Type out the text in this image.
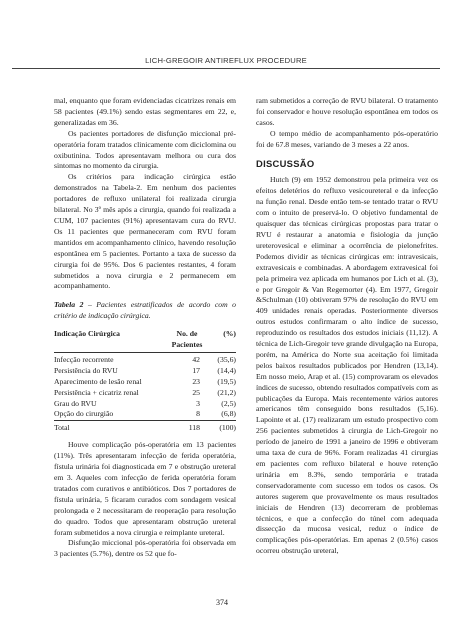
LICH-GREGOIR ANTIREFLUX PROCEDURE

mal, enquanto que foram evidenciadas cicatrizes renais em 58 pacientes (49.1%) sendo estas segmentares em 22, e, generalizadas em 36.

Os pacientes portadores de disfunção miccional pré-operatória foram tratados clinicamente com diciclomina ou oxibutinina. Todos apresentavam melhora ou cura dos sintomas no momento da cirurgia.

Os critérios para indicação cirúrgica estão demonstrados na Tabela-2. Em nenhum dos pacientes portadores de refluxo unilateral foi realizada cirurgia bilateral. No 3º mês após a cirurgia, quando foi realizada a CUM, 107 pacientes (91%) apresentavam cura do RVU. Os 11 pacientes que permaneceram com RVU foram mantidos em acompanhamento clínico, havendo resolução espontânea em 5 pacientes. Portanto a taxa de sucesso da cirurgia foi de 95%. Dos 6 pacientes restantes, 4 foram submetidos a nova cirurgia e 2 permanecem em acompanhamento.

Tabela 2 – Pacientes estratificados de acordo com o critério de indicação cirúrgica.

Indicação Cirúrgica	No. de Pacientes	(%)
Infecção recorrente	42	(35,6)
Persistência do RVU	17	(14,4)
Aparecimento de lesão renal	23	(19,5)
Persistência + cicatriz renal	25	(21,2)
Grau do RVU	3	(2,5)
Opção do cirurgião	8	(6,8)
Total	118	(100)

Houve complicação pós-operatória em 13 pacientes (11%). Três apresentaram infecção de ferida operatória, fístula urinária foi diagnosticada em 7 e obstrução ureteral em 3. Aqueles com infecção de ferida operatória foram tratados com curativos e antibióticos. Dos 7 portadores de fístula urinária, 5 ficaram curados com sondagem vesical prolongada e 2 necessitaram de reoperação para resolução do quadro. Todos que apresentaram obstrução ureteral foram submetidos a nova cirurgia e reimplante ureteral.

Disfunção miccional pós-operatória foi observada em 3 pacientes (5.7%), dentre os 52 que fo-

ram submetidos a correção de RVU bilateral. O tratamento foi conservador e houve resolução espontânea em todos os casos.

O tempo médio de acompanhamento pós-operatório foi de 67.8 meses, variando de 3 meses a 22 anos.

DISCUSSÃO

Hutch (9) em 1952 demonstrou pela primeira vez os efeitos deletérios do refluxo vesicoureteral e da infecção na função renal. Desde então tem-se tentado tratar o RVU com o intuito de preservá-lo. O objetivo fundamental de quaisquer das técnicas cirúrgicas propostas para tratar o RVU é restaurar a anatomia e fisiologia da junção ureterovesical e eliminar a ocorrência de pielonefrites. Podemos dividir as técnicas cirúrgicas em: intravesicais, extravesicais e combinadas. A abordagem extravesical foi pela primeira vez aplicada em humanos por Lich et al. (3), e por Gregoir & Van Regemorter (4). Em 1977, Gregoir &Schulman (10) obtiveram 97% de resolução do RVU em 409 unidades renais operadas. Posteriormente diversos outros estudos confirmaram o alto índice de sucesso, reproduzindo os resultados dos estudos iniciais (11,12). A técnica de Lich-Gregoir teve grande divulgação na Europa, porém, na América do Norte sua aceitação foi limitada pelos baixos resultados publicados por Hendren (13,14). Em nosso meio, Arap et al. (15) comprovaram os elevados índices de sucesso, obtendo resultados compatíveis com as publicações da Europa. Mais recentemente vários autores americanos têm conseguido bons resultados (5,16). Lapointe et al. (17) realizaram um estudo prospectivo com 256 pacientes submetidos à cirurgia de Lich-Gregoir no período de janeiro de 1991 a janeiro de 1996 e obtiveram uma taxa de cura de 96%. Foram realizadas 41 cirurgias em pacientes com refluxo bilateral e houve retenção urinária em 8.3%, sendo temporária e tratada conservadoramente com sucesso em todos os casos. Os autores sugerem que provavelmente os maus resultados iniciais de Hendren (13) decorreram de problemas técnicos, e que a confecção do túnel com adequada dissecção da mucosa vesical, reduz o índice de complicações pós-operatórias. Em apenas 2 (0.5%) casos ocorreu obstrução ureteral,

374
